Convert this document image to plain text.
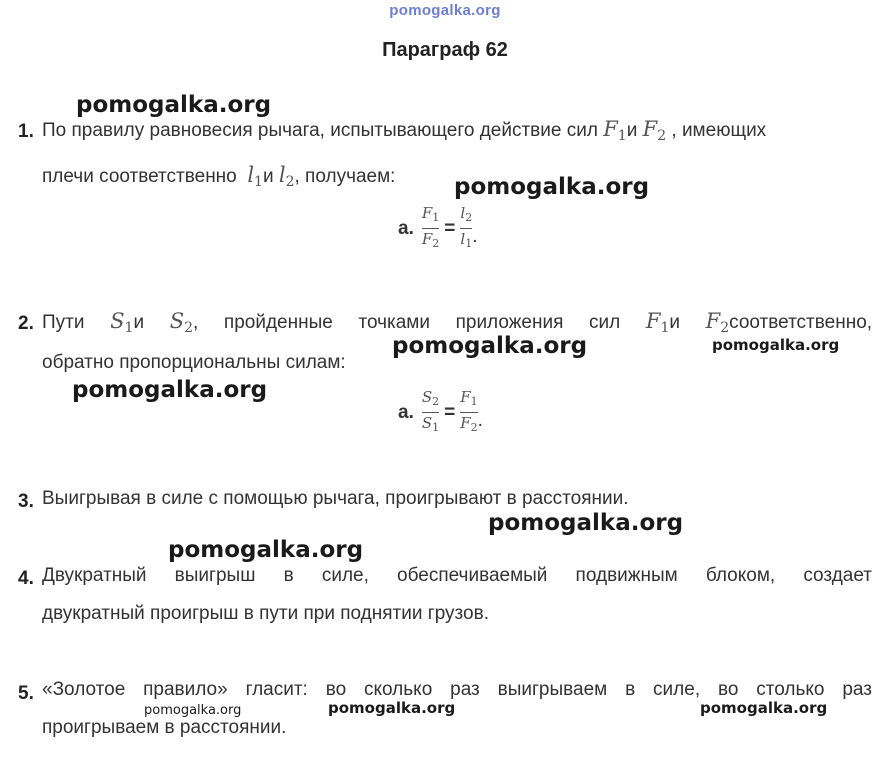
pomogalka.org
Параграф 62
1. По правилу равновесия рычага, испытывающего действие сил $F_1и$ $F_2$ , имеющих
плечи соответственно $l_1и$ $l_2$, получаем:
а. $\frac{F_1}{F_2} = \frac{l_2}{l_1}$ .
2. Пути $S_1и$ $S_2$, пройденные точками приложения сил $F_1и$ $F_2соответственно$,
обратно пропорциональны силам:
а. $\frac{S_2}{S_1} = \frac{F_1}{F_2}$ .
3. Выигрывая в силе с помощью рычага, проигрывают в расстоянии.
4. Двукратный выигрыш в силе, обеспечиваемый подвижным блоком, создает
двукратный проигрыш в пути при поднятии грузов.
5. «Золотое правило» гласит: во сколько раз выигрываем в силе, во столько раз
проигрываем в расстоянии.
pomogalka.org
pomogalka.org
pomogalka.org	pomogalka.org
pomogalka.org
pomogalka.org
pomogalka.org
pomogalka.org	pomogalka.org	pomogalka.org
